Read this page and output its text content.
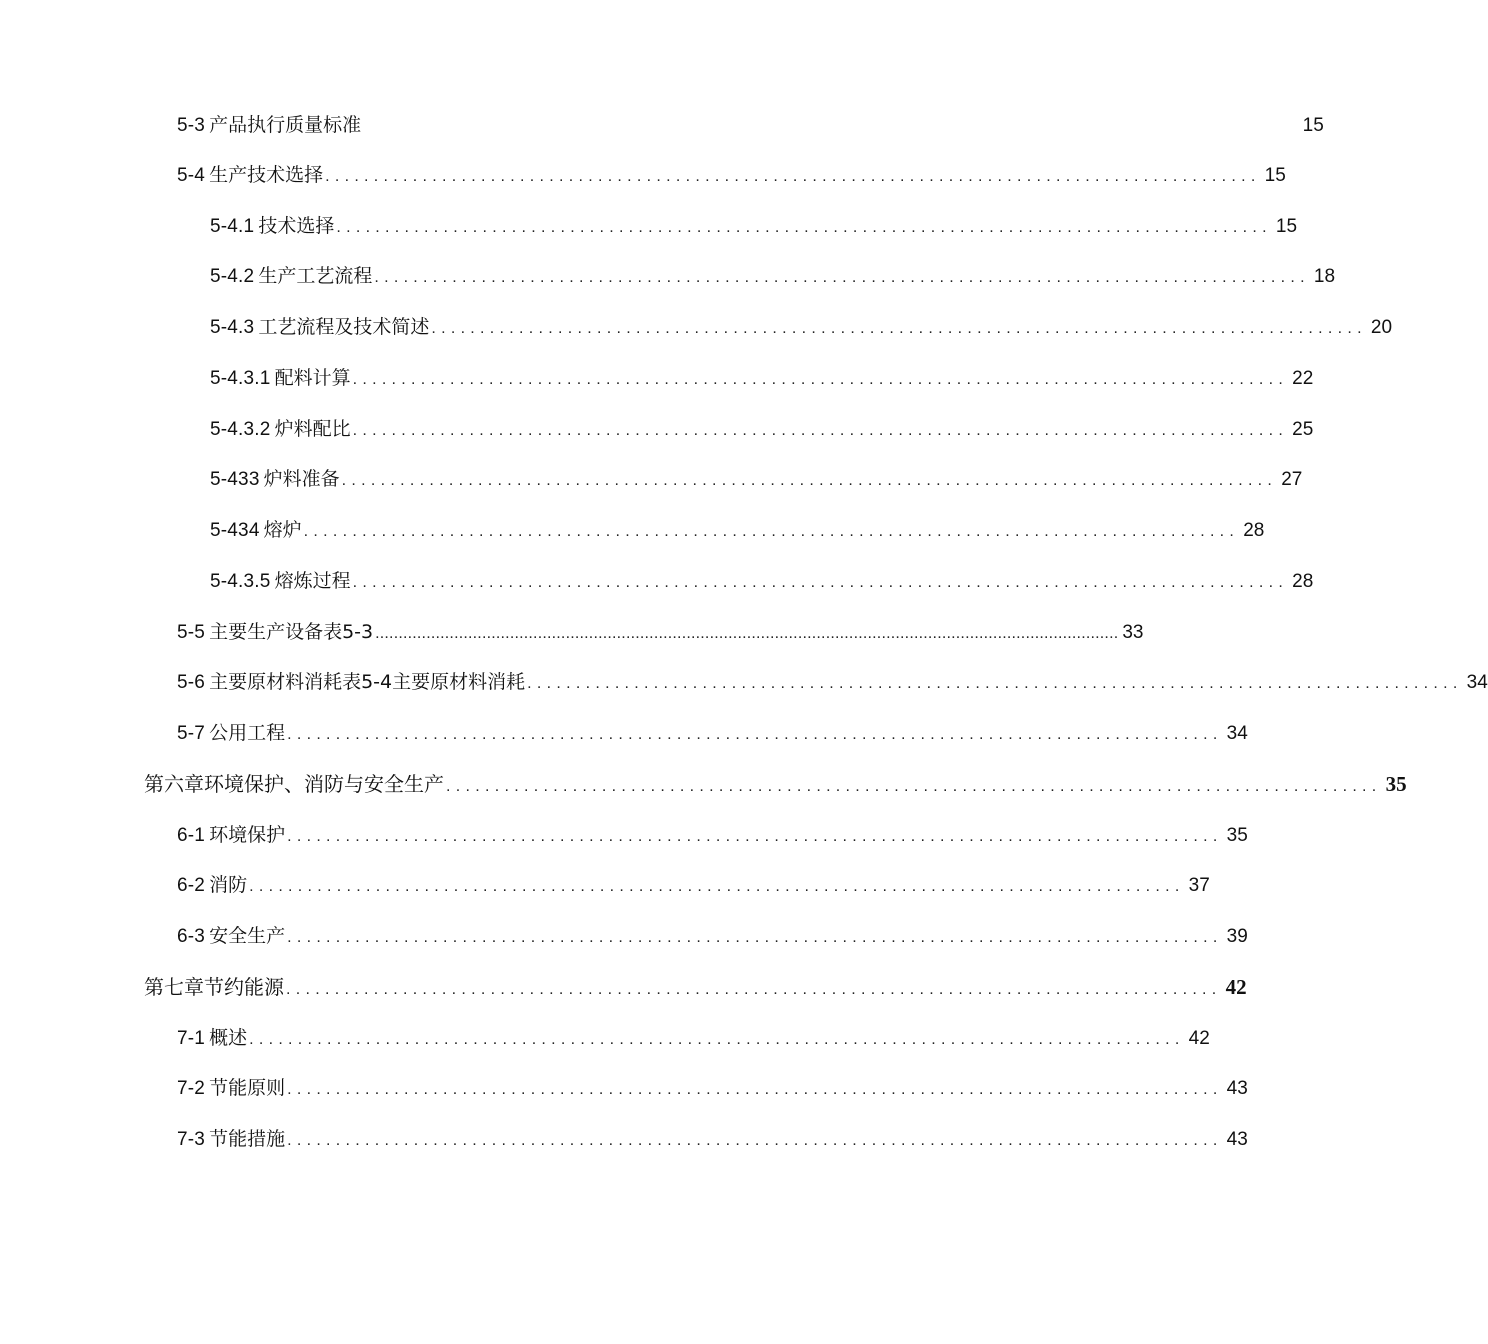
5-3 产品执行质量标准	15
5-4 生产技术选择 ................................................................................................ 15
5-4.1 技术选择 ................................................................................................ 15
5-4.2 生产工艺流程 ................................................................................................ 18
5-4.3 工艺流程及技术简述 ................................................................................................ 20
5-4.3.1 配料计算 ................................................................................................ 22
5-4.3.2 炉料配比 ................................................................................................ 25
5-433 炉料准备 ................................................................................................ 27
5-434 熔炉 ................................................................................................ 28
5-4.3.5 熔炼过程 ................................................................................................ 28
5-5 主要生产设备表5-3 ................................................................................................................................................................ 33
5-6 主要原材料消耗表5-4主要原材料消耗 ................................................................................................ 34
5-7 公用工程 ................................................................................................ 34
第六章环境保护、消防与安全生产 ................................................................................................ 35
6-1 环境保护 ................................................................................................ 35
6-2 消防 ................................................................................................ 37
6-3 安全生产 ................................................................................................ 39
第七章节约能源 ................................................................................................ 42
7-1 概述 ................................................................................................ 42
7-2 节能原则 ................................................................................................ 43
7-3 节能措施 ................................................................................................ 43
